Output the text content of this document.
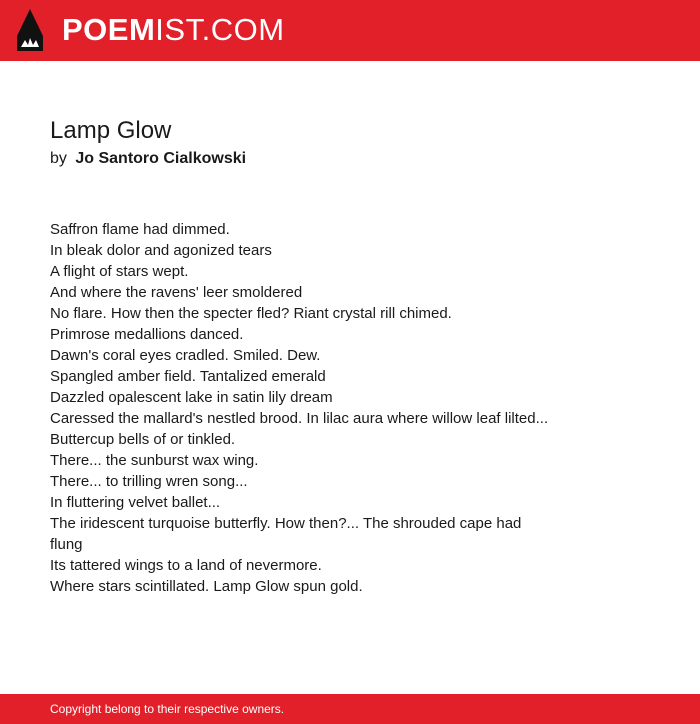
POEMIST.COM
Lamp Glow
by Jo Santoro Cialkowski
Saffron flame had dimmed.
In bleak dolor and agonized tears
A flight of stars wept.
And where the ravens' leer smoldered
No flare. How then the specter fled? Riant crystal rill chimed.
Primrose medallions danced.
Dawn's coral eyes cradled. Smiled. Dew.
Spangled amber field. Tantalized emerald
Dazzled opalescent lake in satin lily dream
Caressed the mallard's nestled brood. In lilac aura where willow leaf lilted...
Buttercup bells of or tinkled.
There... the sunburst wax wing.
There... to trilling wren song...
In fluttering velvet ballet...
The iridescent turquoise butterfly. How then?... The shrouded cape had flung
Its tattered wings to a land of nevermore.
Where stars scintillated. Lamp Glow spun gold.
Copyright belong to their respective owners.
